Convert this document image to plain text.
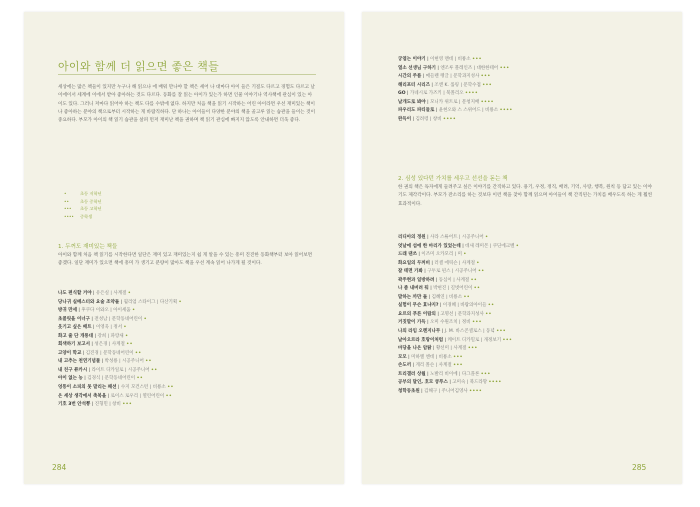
아이와 함께 더 읽으면 좋은 책들
세상에는 많은 책들이 있지만 누구나 해 읽으나 에 배워 만나야 할 책은 셰어 나 대마다 아이 들은 기질도 다르고 경험도 다르고 날이에이서 세계에 이에서 받아 좋아하는 것도 다르다. 동화를 잘 읽는 아이가 있는가 하면 인물 이야기나 역사책에 관심이 있는 아이도 있다. 그러니 저마다 읽어야 하는 책도 다를 수밖에 없다. 하지만 처음 책을 읽기 시작하는 어린 아이라면 우선 재미있는 책이나 좋아하는 분야의 책으로부터 시작하는 게 바람직하다. 단 하나는 아이들이 다양한 분야의 책을 골고루 읽는 습관을 들이는 것이 중요하다. 부모가 아이의 책 읽기 습관을 살펴 먼저 재미난 책을 권하며 책 읽기 관심에 빠지지 않도록 안내하면 더욱 좋다.
•	초등 저학년
••	초등 중학년
••• 초등 고학년
•••• 중학생
1. 두꺼도 재미있는 책들
아이와 함께 처음 책 읽기를 시작한다면 일단은 재미 있고 재미있는지 쉽 게 알을 수 있는 흥미 진진한 동화책부터 보아 읽어보면 좋겠다. 일단 재미가 있으면 책에 흥미 가 생기고 분량이 많아도 책을 우선 계속 읽어 나가게 될 것이다.
나도 편식할 거야 | 유은실 | 사계절 •
당나귀 실베스터와 요술 조약돌 | 윌리엄 스타이그 | 다산기획 •
방귀 만세 | 후쿠다 이와오 | 아이세움 •
초콜릿을 이너구 | 전성남 | 문학동네어린이 •
웃기고 싶은 배트 | 이영욱 | 정서 •
화고 줄 단 개통대 | 강희 | 파랑새 •
회색하기 보고서 | 성은경 | 사계절 ••
고양이 학교 | 김진경 | 문학동네어린이 ••
내 고추는 천연기념물 | 박성룡 | 시공주니어 ••
내 친구 퓨카시 | 라이트 디카일로 | 시공주니어 ••
아이 없는 농 | 김경식 | 문학동네어린이 ••
엉뚱이 소피의 못 말리는 패션 | 수지 모건스턴 | 비룡소 ••
온 세상 생각에서 축복을 | 로이스 로우리 | 열린어린이 ••
기호 3번 안석뽕 | 진형민 | 창비 •••
284
궁엽는 이야기 | 이현영 맨데 | 비룡소 •••
열소 선생님 구하기 | 엔조루 블레인즈 | 대한한테어 •••
시간의 주름 | 매들렌 렝글 | 문학과지성사 •••
해리포터 시리즈 | 조앤 K. 롤링 | 문학수첩 •••
GO | 가네시로 가즈키 | 북폴리오 ••••
날개도로 봐야 | 모니카 위트로 | 문청지배 ••••
파우리도 파티들로 | 윤현오와 스 스위어드 | 비룡소 ••••
완득이 | 김려령 | 창비 ••••
2. 심성 있다던 가치를 세우고 선선을 돋는 책
한 권의 책은 독자에게 들려주고 싶은 이야기를 간직하고 있다. 용기, 우정, 정직, 배려, 기억, 사랑, 행복, 원칙 등 담고 있는 이야기도 제각각이다. 부모가 잔소리를 하는 것보다 이런 책을 찾아 함께 읽으며 아이들이 책 간직된는 가치를 배우도록 하는 게 훨씬 효과적이다.
리디아의 정원 | 사라 스튜어트 | 시공주니어 •
엇날에 섬에 한 마리가 있었는데 | 데새 레미몬 | 쿠딘에크벨 •
드래 댄쓰 | 이즈미 오카모리 | 미 •
화요일의 두꺼비 | 러셀 에릭슨 | 사계절 •
잘 테면 가봐 | 구두로 핀스 | 시공주니어 ••
곽주현과 일방하려 | 동심이 | 사계절 ••
나 좀 내버려 둬 | 박현진 | 길벗어린이 ••
말하는 까만 돌 | 김혜연 | 비룡소 ••
실험이 무슨 효냐지? | 이경혜 | 바람의아이들 ••
요르의 푸른 이랍의 | 고명선 | 문학과지성사 ••
거짓말이 가득 | 오미 수원조치 | 정비 •••
나의 라임 오렌지나무 | J. M. 바스콘셀로스 | 동녘 •••
날아오르라 호랑이처럼 | 케이트 디카밀로 | 개정보기 •••
마당을 나온 암탉 | 황선미 | 사계절 •••
모모 | 미하엘 엔데 | 비룡소 •••
손도끼 | 게리 폴슨 | 사계절 •••
트리갤러 상월 | 노발리 비이에 | 다그플론 •••
공부의 달인, 호모 쿵푸스 | 고미숙 | 북드라망 ••••
청학동초원 | 김해구 | 주니어김영사 ••••
285
